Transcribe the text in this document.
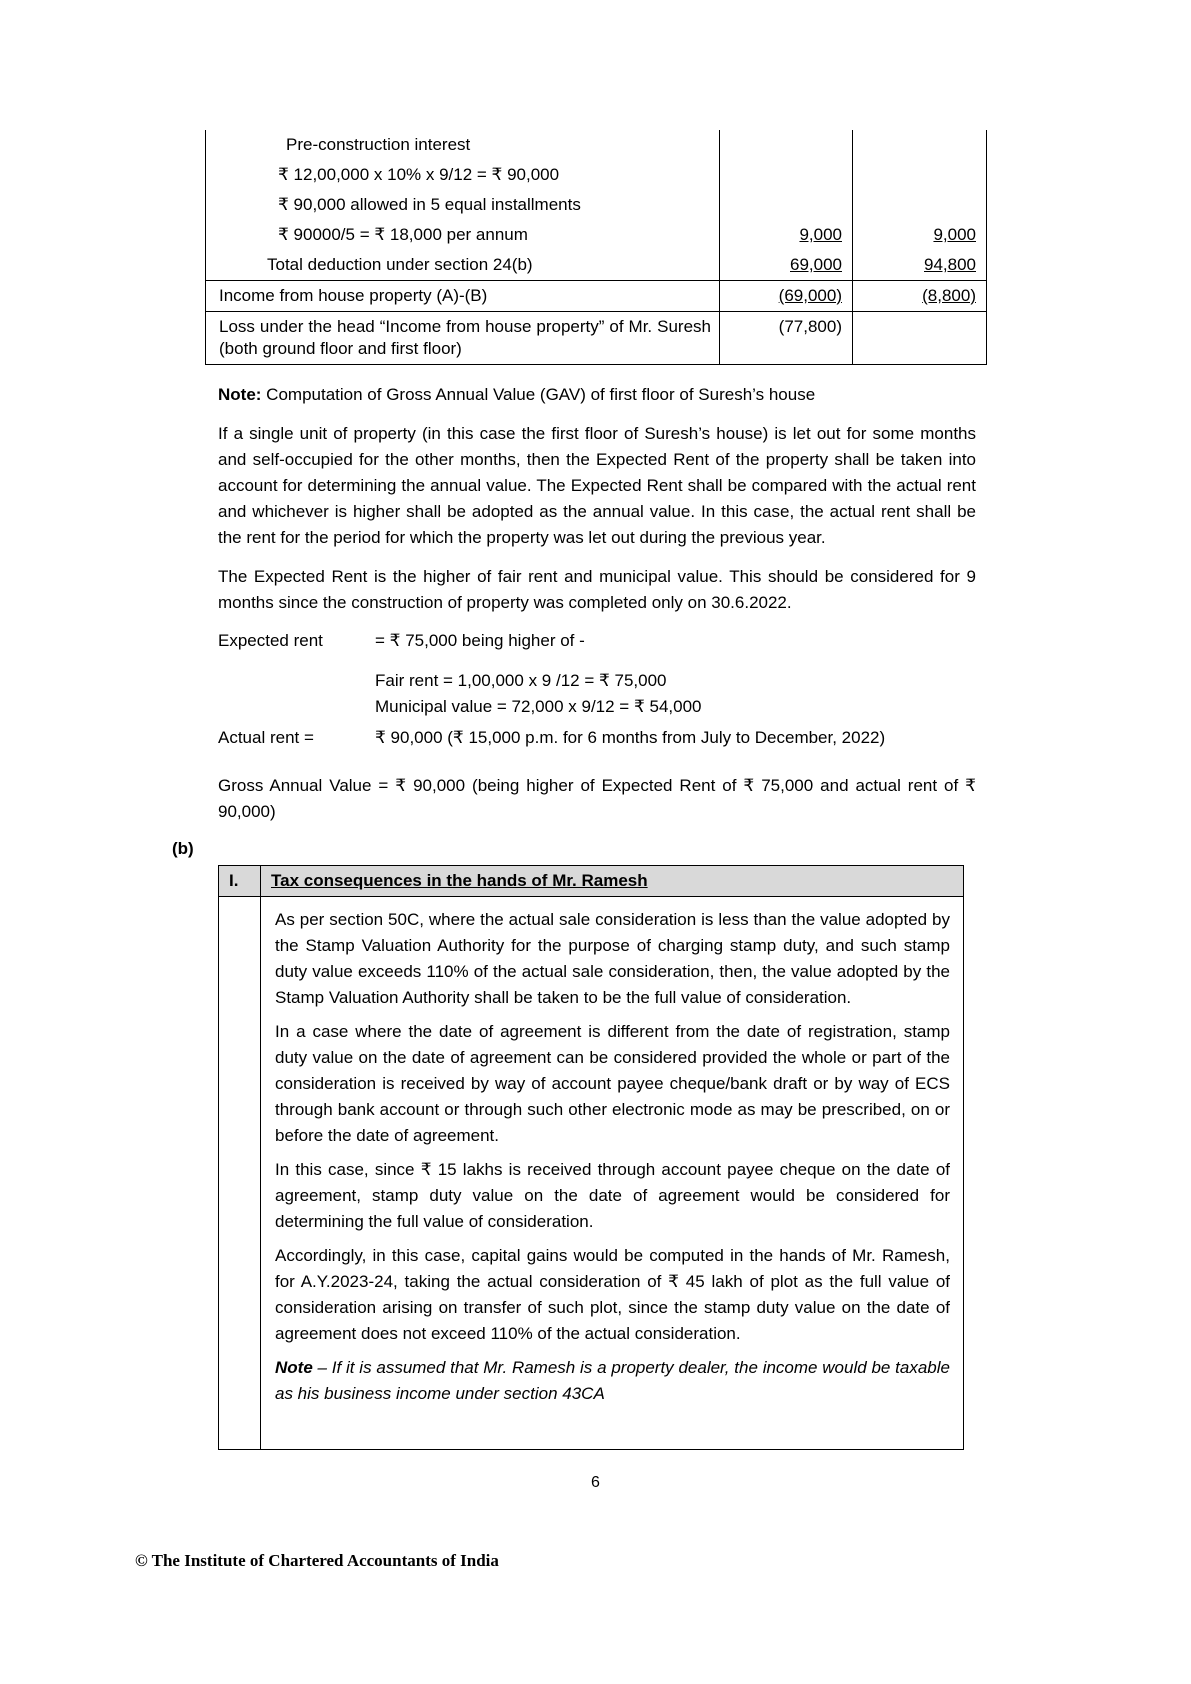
Pre-construction interest		
₹ 12,00,000 x 10% x 9/12 = ₹ 90,000		
₹ 90,000 allowed in 5 equal installments		
₹ 90000/5 = ₹ 18,000 per annum	9,000	9,000
Total deduction under section 24(b)	69,000	94,800
Income from house property (A)-(B)	(69,000)	(8,800)
Loss under the head “Income from house property” of Mr. Suresh (both ground floor and first floor)	(77,800)	

Note: Computation of Gross Annual Value (GAV) of first floor of Suresh’s house

If a single unit of property (in this case the first floor of Suresh’s house) is let out for some months and self-occupied for the other months, then the Expected Rent of the property shall be taken into account for determining the annual value. The Expected Rent shall be compared with the actual rent and whichever is higher shall be adopted as the annual value. In this case, the actual rent shall be the rent for the period for which the property was let out during the previous year.

The Expected Rent is the higher of fair rent and municipal value. This should be considered for 9 months since the construction of property was completed only on 30.6.2022.

Expected rent	= ₹ 75,000 being higher of -
Fair rent = 1,00,000 x 9 /12 = ₹ 75,000
Municipal value = 72,000 x 9/12 = ₹ 54,000
Actual rent =	₹ 90,000 (₹ 15,000 p.m. for 6 months from July to December, 2022)

Gross Annual Value = ₹ 90,000 (being higher of Expected Rent of ₹ 75,000 and actual rent of ₹ 90,000)

(b)
I.	Tax consequences in the hands of Mr. Ramesh

	As per section 50C, where the actual sale consideration is less than the value adopted by the Stamp Valuation Authority for the purpose of charging stamp duty, and such stamp duty value exceeds 110% of the actual sale consideration, then, the value adopted by the Stamp Valuation Authority shall be taken to be the full value of consideration.

In a case where the date of agreement is different from the date of registration, stamp duty value on the date of agreement can be considered provided the whole or part of the consideration is received by way of account payee cheque/bank draft or by way of ECS through bank account or through such other electronic mode as may be prescribed, on or before the date of agreement.

In this case, since ₹ 15 lakhs is received through account payee cheque on the date of agreement, stamp duty value on the date of agreement would be considered for determining the full value of consideration.

Accordingly, in this case, capital gains would be computed in the hands of Mr. Ramesh, for A.Y.2023-24, taking the actual consideration of ₹ 45 lakh of plot as the full value of consideration arising on transfer of such plot, since the stamp duty value on the date of agreement does not exceed 110% of the actual consideration.

Note – If it is assumed that Mr. Ramesh is a property dealer, the income would be taxable as his business income under section 43CA

6
© The Institute of Chartered Accountants of India
